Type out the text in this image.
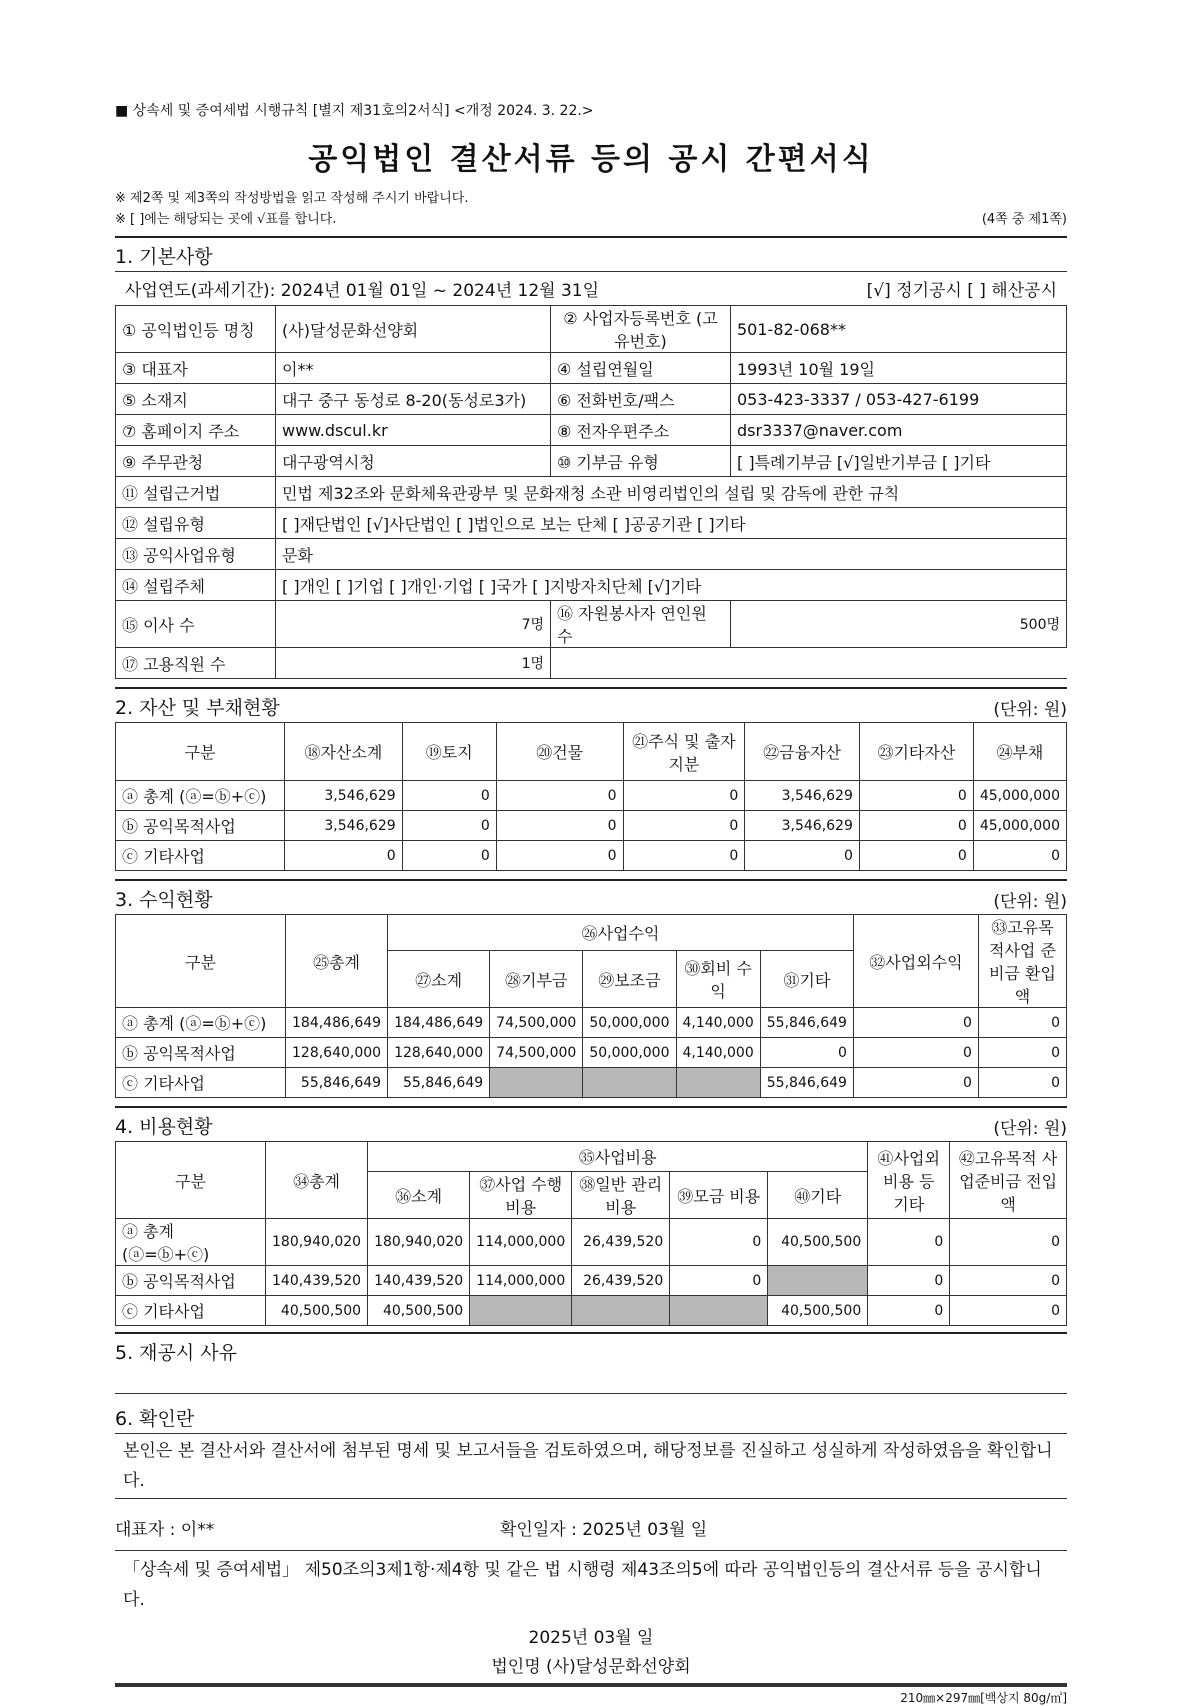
■ 상속세 및 증여세법 시행규칙 [별지 제31호의2서식] <개정 2024. 3. 22.>
공익법인 결산서류 등의 공시 간편서식
※ 제2쪽 및 제3쪽의 작성방법을 읽고 작성해 주시기 바랍니다.
※ [ ]에는 해당되는 곳에 √표를 합니다.	(4쪽 중 제1쪽)
1. 기본사항
사업연도(과세기간): 2024년 01월 01일 ~ 2024년 12월 31일	[√] 정기공시 [ ] 해산공시
① 공익법인등 명칭	(사)달성문화선양회	② 사업자등록번호 (고유번호)	501-82-068**
③ 대표자	이**	④ 설립연월일	1993년 10월 19일
⑤ 소재지	대구 중구 동성로 8-20(동성로3가)	⑥ 전화번호/팩스	053-423-3337 / 053-427-6199
⑦ 홈페이지 주소	www.dscul.kr	⑧ 전자우편주소	dsr3337@naver.com
⑨ 주무관청	대구광역시청	⑩ 기부금 유형	[ ]특례기부금 [√]일반기부금 [ ]기타
⑪ 설립근거법	민법 제32조와 문화체육관광부 및 문화재청 소관 비영리법인의 설립 및 감독에 관한 규칙		
⑫ 설립유형	[ ]재단법인 [√]사단법인 [ ]법인으로 보는 단체 [ ]공공기관 [ ]기타		
⑬ 공익사업유형	문화		
⑭ 설립주체	[ ]개인 [ ]기업 [ ]개인·기업 [ ]국가 [ ]지방자치단체 [√]기타		
⑮ 이사 수	7명	⑯ 자원봉사자 연인원 수	500명
⑰ 고용직원 수	1명		
2. 자산 및 부채현황	(단위: 원)
구분	⑱자산소계	⑲토지	⑳건물	㉑주식 및 출자지분	㉒금융자산	㉓기타자산	㉔부채
ⓐ 총계 (ⓐ=ⓑ+ⓒ)	3,546,629	0	0	0	3,546,629	0	45,000,000
ⓑ 공익목적사업	3,546,629	0	0	0	3,546,629	0	45,000,000
ⓒ 기타사업	0	0	0	0	0	0	0
3. 수익현황	(단위: 원)
구분	㉕총계	㉖사업수익					㉜사업외수익	㉝고유목적사업 준비금 환입액
		㉗소계	㉘기부금	㉙보조금	㉚회비 수익	㉛기타		
ⓐ 총계 (ⓐ=ⓑ+ⓒ)	184,486,649	184,486,649	74,500,000	50,000,000	4,140,000	55,846,649	0	0
ⓑ 공익목적사업	128,640,000	128,640,000	74,500,000	50,000,000	4,140,000	0	0	0
ⓒ 기타사업	55,846,649	55,846,649				55,846,649	0	0
4. 비용현황	(단위: 원)
구분	㉞총계	㉟사업비용					㊶사업외 비용 등 기타	㊷고유목적 사업준비금 전입액
		㊱소계	㊲사업 수행비용	㊳일반 관리비용	㊴모금 비용	㊵기타		
ⓐ 총계(ⓐ=ⓑ+ⓒ)	180,940,020	180,940,020	114,000,000	26,439,520	0	40,500,500	0	0
ⓑ 공익목적사업	140,439,520	140,439,520	114,000,000	26,439,520	0		0	0
ⓒ 기타사업	40,500,500	40,500,500				40,500,500	0	0
5. 재공시 사유
6. 확인란
본인은 본 결산서와 결산서에 첨부된 명세 및 보고서들을 검토하였으며, 해당정보를 진실하고 성실하게 작성하였음을 확인합니다.
대표자 : 이**	확인일자 : 2025년 03월 일
「상속세 및 증여세법」 제50조의3제1항·제4항 및 같은 법 시행령 제43조의5에 따라 공익법인등의 결산서류 등을 공시합니다.
2025년 03월 일
법인명 (사)달성문화선양회
210㎜×297㎜[백상지 80g/㎡]
